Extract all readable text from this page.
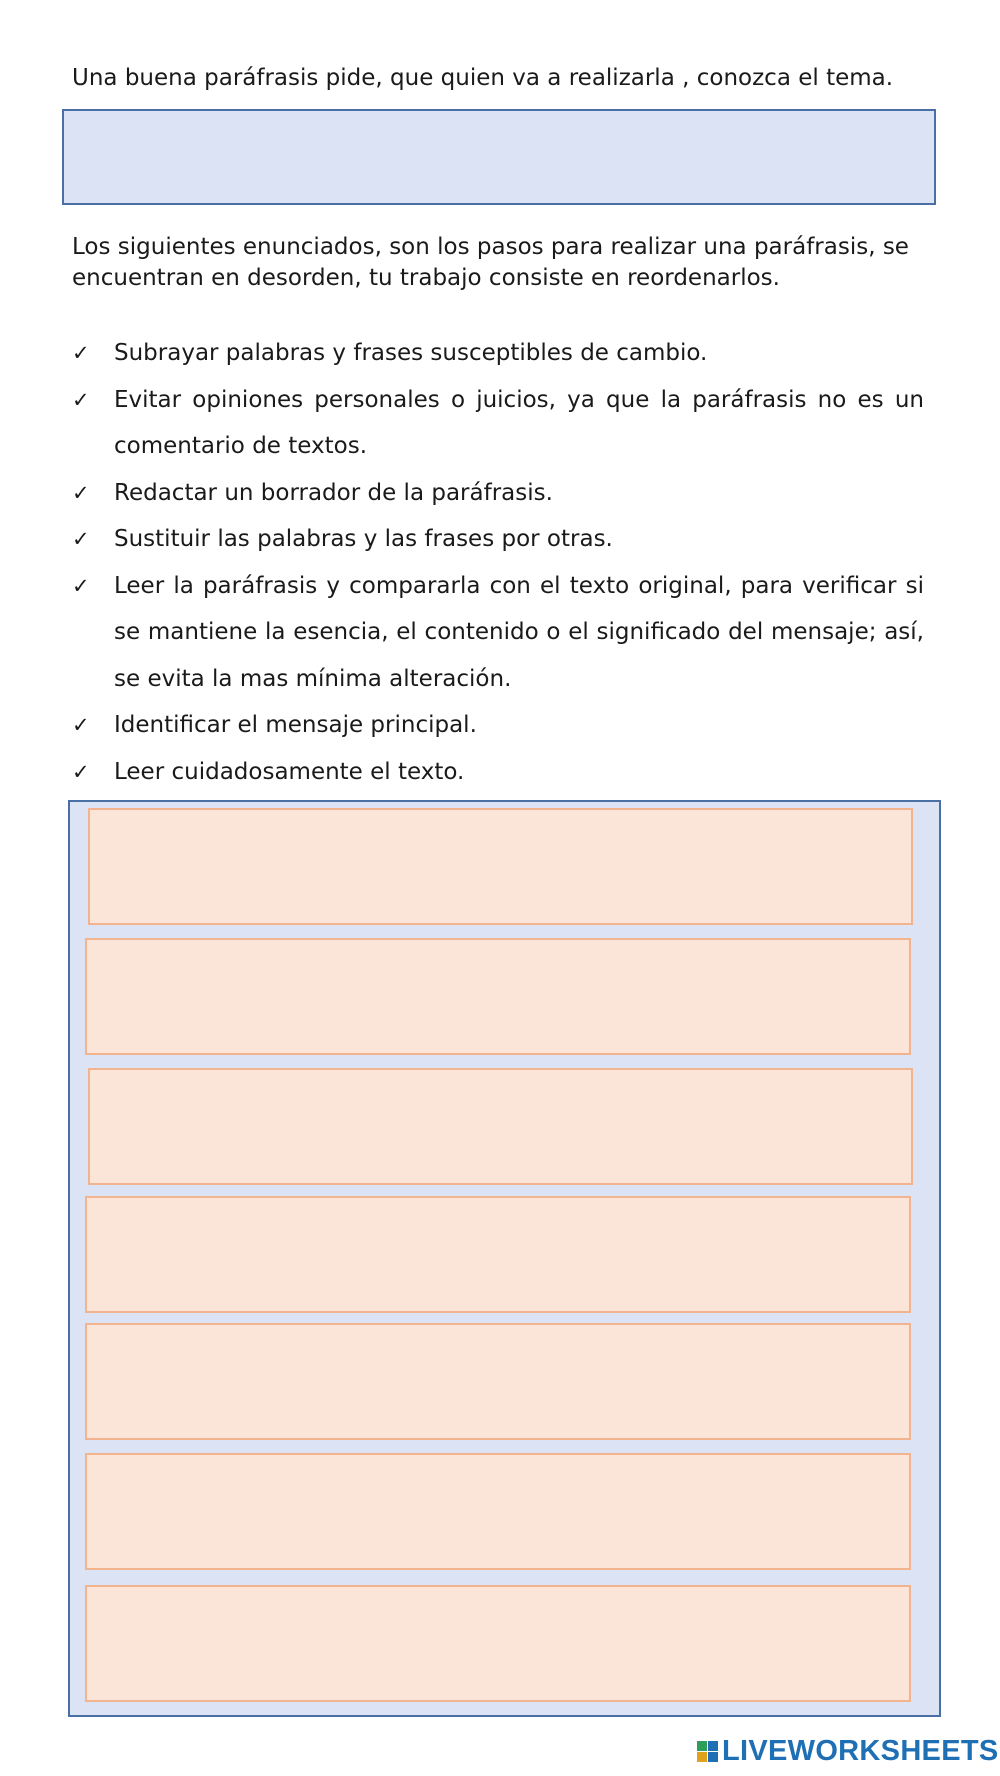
Una buena paráfrasis pide, que quien va a realizarla , conozca el tema.

Los siguientes enunciados, son los pasos para realizar una paráfrasis, se encuentran en desorden, tu trabajo consiste en reordenarlos.

✓ Subrayar palabras y frases susceptibles de cambio.
✓ Evitar opiniones personales o juicios, ya que la paráfrasis no es un comentario de textos.
✓ Redactar un borrador de la paráfrasis.
✓ Sustituir las palabras y las frases por otras.
✓ Leer la paráfrasis y compararla con el texto original, para verificar si se mantiene la esencia, el contenido o el significado del mensaje; así, se evita la mas mínima alteración.
✓ Identificar el mensaje principal.
✓ Leer cuidadosamente el texto.
LIVEWORKSHEETS
